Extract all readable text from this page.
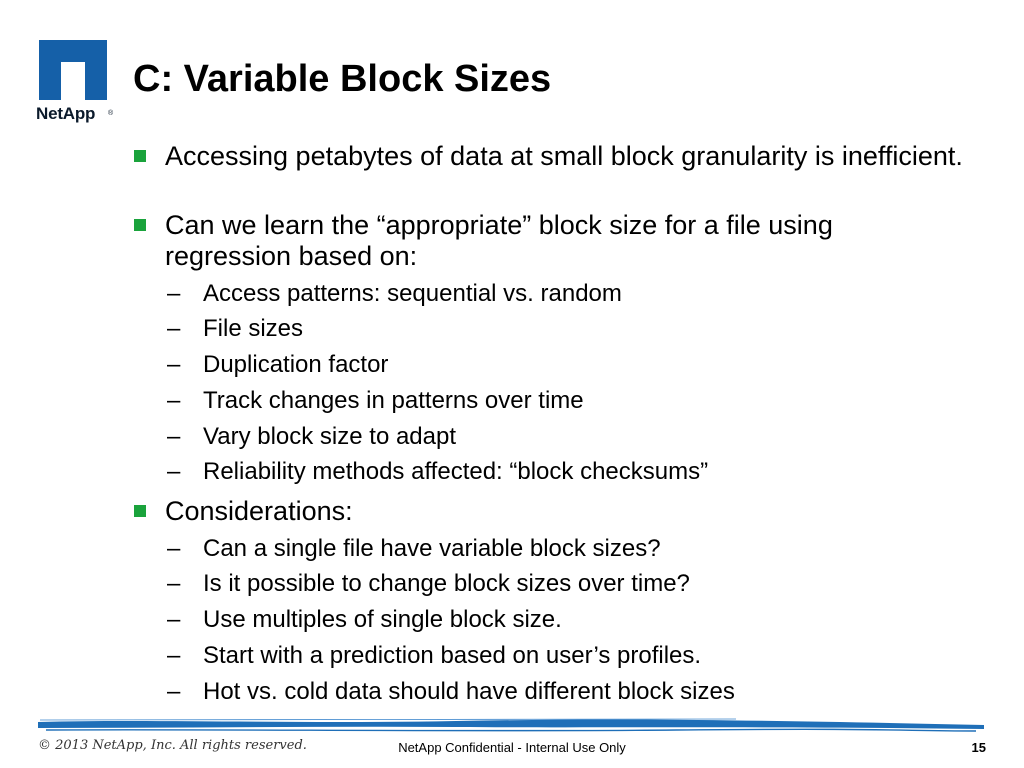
NetApp	®
C: Variable Block Sizes
Accessing petabytes of data at small block granularity is inefficient.
Can we learn the “appropriate” block size for a file using regression based on:
– Access patterns: sequential vs. random
– File sizes
– Duplication factor
– Track changes in patterns over time
– Vary block size to adapt
– Reliability methods affected: “block checksums”
Considerations:
– Can a single file have variable block sizes?
– Is it possible to change block sizes over time?
– Use multiples of single block size.
– Start with a prediction based on user’s profiles.
– Hot vs. cold data should have different block sizes
© 2013 NetApp, Inc. All rights reserved.	NetApp Confidential - Internal Use Only	15
